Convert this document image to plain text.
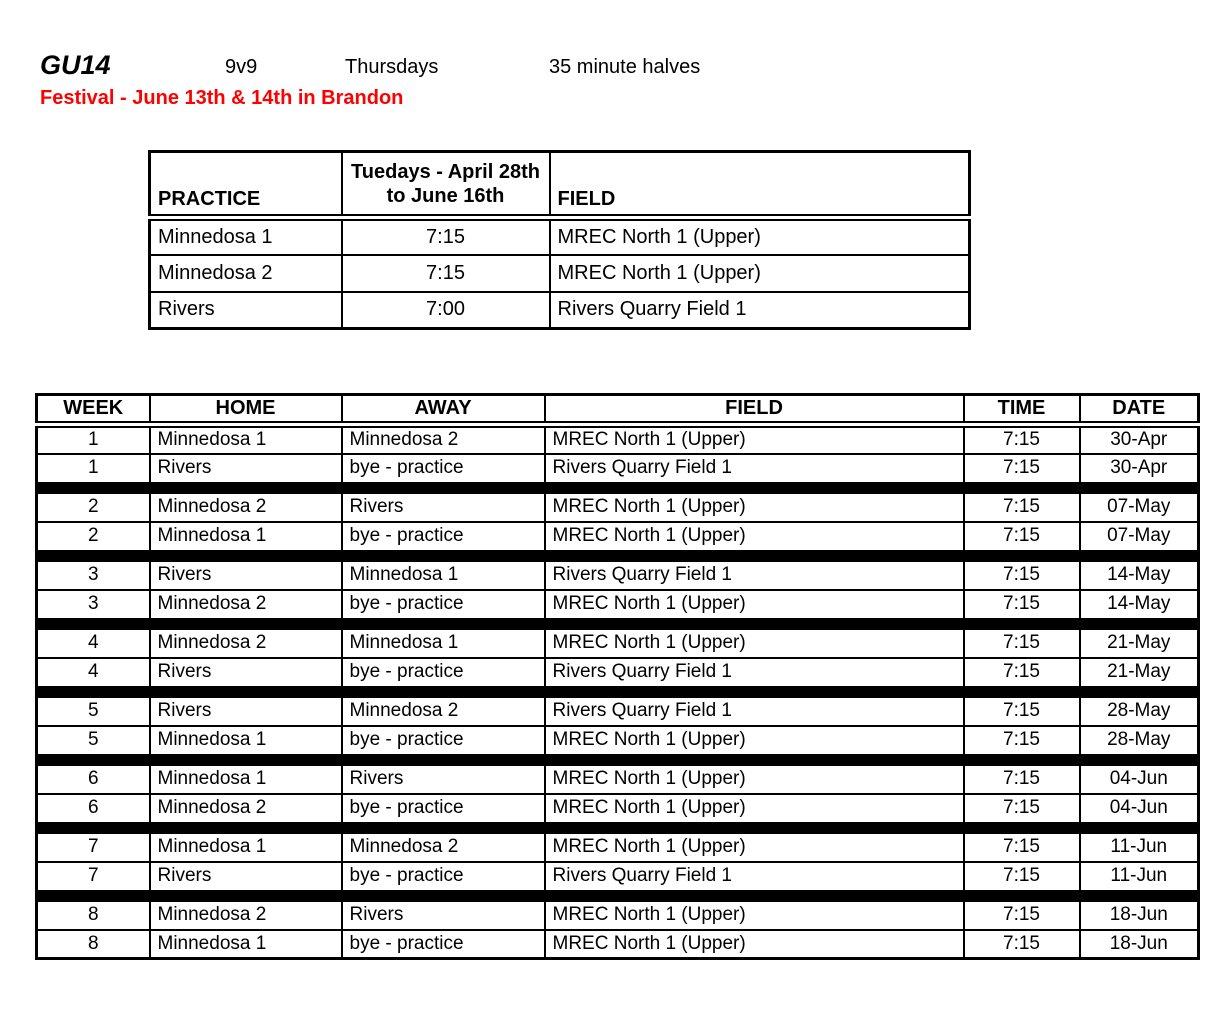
GU14	9v9	Thursdays	35 minute halves
Festival - June 13th & 14th in Brandon
PRACTICE	Tuedays - April 28th to June 16th	FIELD
Minnedosa 1	7:15	MREC North 1 (Upper)
Minnedosa 2	7:15	MREC North 1 (Upper)
Rivers	7:00	Rivers Quarry Field 1
WEEK	HOME	AWAY	FIELD	TIME	DATE
1	Minnedosa 1	Minnedosa 2	MREC North 1 (Upper)	7:15	30-Apr
1	Rivers	bye - practice	Rivers Quarry Field 1	7:15	30-Apr

2	Minnedosa 2	Rivers	MREC North 1 (Upper)	7:15	07-May
2	Minnedosa 1	bye - practice	MREC North 1 (Upper)	7:15	07-May

3	Rivers	Minnedosa 1	Rivers Quarry Field 1	7:15	14-May
3	Minnedosa 2	bye - practice	MREC North 1 (Upper)	7:15	14-May

4	Minnedosa 2	Minnedosa 1	MREC North 1 (Upper)	7:15	21-May
4	Rivers	bye - practice	Rivers Quarry Field 1	7:15	21-May

5	Rivers	Minnedosa 2	Rivers Quarry Field 1	7:15	28-May
5	Minnedosa 1	bye - practice	MREC North 1 (Upper)	7:15	28-May

6	Minnedosa 1	Rivers	MREC North 1 (Upper)	7:15	04-Jun
6	Minnedosa 2	bye - practice	MREC North 1 (Upper)	7:15	04-Jun

7	Minnedosa 1	Minnedosa 2	MREC North 1 (Upper)	7:15	11-Jun
7	Rivers	bye - practice	Rivers Quarry Field 1	7:15	11-Jun

8	Minnedosa 2	Rivers	MREC North 1 (Upper)	7:15	18-Jun
8	Minnedosa 1	bye - practice	MREC North 1 (Upper)	7:15	18-Jun
